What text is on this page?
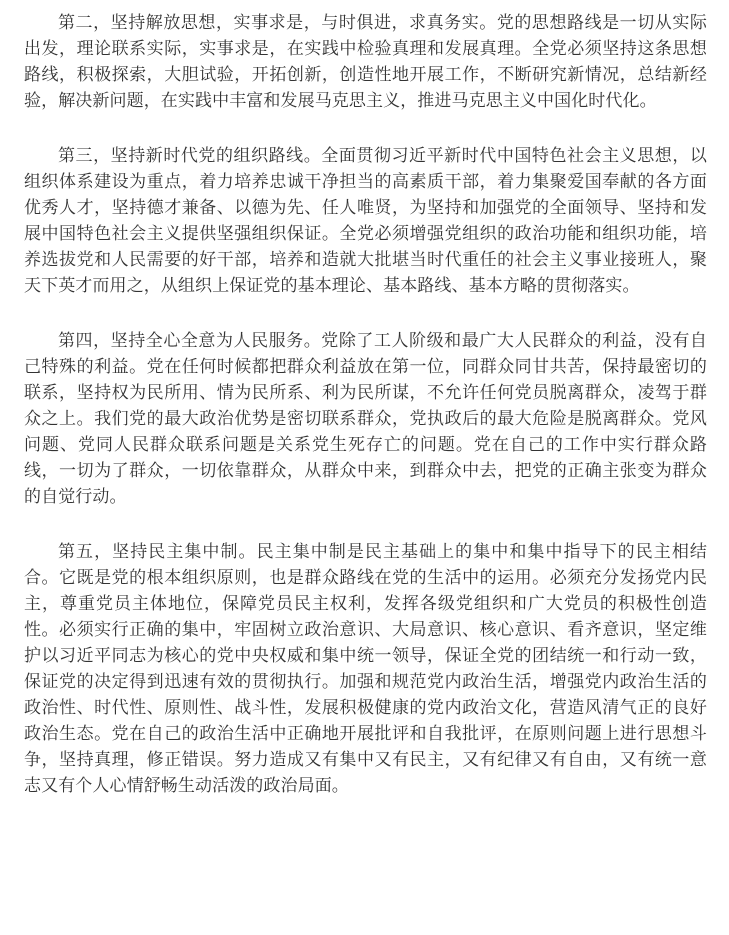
第二，坚持解放思想，实事求是，与时俱进，求真务实。党的思想路线是一切从实际出发，理论联系实际，实事求是，在实践中检验真理和发展真理。全党必须坚持这条思想路线，积极探索，大胆试验，开拓创新，创造性地开展工作，不断研究新情况，总结新经验，解决新问题，在实践中丰富和发展马克思主义，推进马克思主义中国化时代化。

第三，坚持新时代党的组织路线。全面贯彻习近平新时代中国特色社会主义思想，以组织体系建设为重点，着力培养忠诚干净担当的高素质干部，着力集聚爱国奉献的各方面优秀人才，坚持德才兼备、以德为先、任人唯贤，为坚持和加强党的全面领导、坚持和发展中国特色社会主义提供坚强组织保证。全党必须增强党组织的政治功能和组织功能，培养选拔党和人民需要的好干部，培养和造就大批堪当时代重任的社会主义事业接班人，聚天下英才而用之，从组织上保证党的基本理论、基本路线、基本方略的贯彻落实。

第四，坚持全心全意为人民服务。党除了工人阶级和最广大人民群众的利益，没有自己特殊的利益。党在任何时候都把群众利益放在第一位，同群众同甘共苦，保持最密切的联系，坚持权为民所用、情为民所系、利为民所谋，不允许任何党员脱离群众，凌驾于群众之上。我们党的最大政治优势是密切联系群众，党执政后的最大危险是脱离群众。党风问题、党同人民群众联系问题是关系党生死存亡的问题。党在自己的工作中实行群众路线，一切为了群众，一切依靠群众，从群众中来，到群众中去，把党的正确主张变为群众的自觉行动。

第五，坚持民主集中制。民主集中制是民主基础上的集中和集中指导下的民主相结合。它既是党的根本组织原则，也是群众路线在党的生活中的运用。必须充分发扬党内民主，尊重党员主体地位，保障党员民主权利，发挥各级党组织和广大党员的积极性创造性。必须实行正确的集中，牢固树立政治意识、大局意识、核心意识、看齐意识，坚定维护以习近平同志为核心的党中央权威和集中统一领导，保证全党的团结统一和行动一致，保证党的决定得到迅速有效的贯彻执行。加强和规范党内政治生活，增强党内政治生活的政治性、时代性、原则性、战斗性，发展积极健康的党内政治文化，营造风清气正的良好政治生态。党在自己的政治生活中正确地开展批评和自我批评，在原则问题上进行思想斗争，坚持真理，修正错误。努力造成又有集中又有民主，又有纪律又有自由，又有统一意志又有个人心情舒畅生动活泼的政治局面。
